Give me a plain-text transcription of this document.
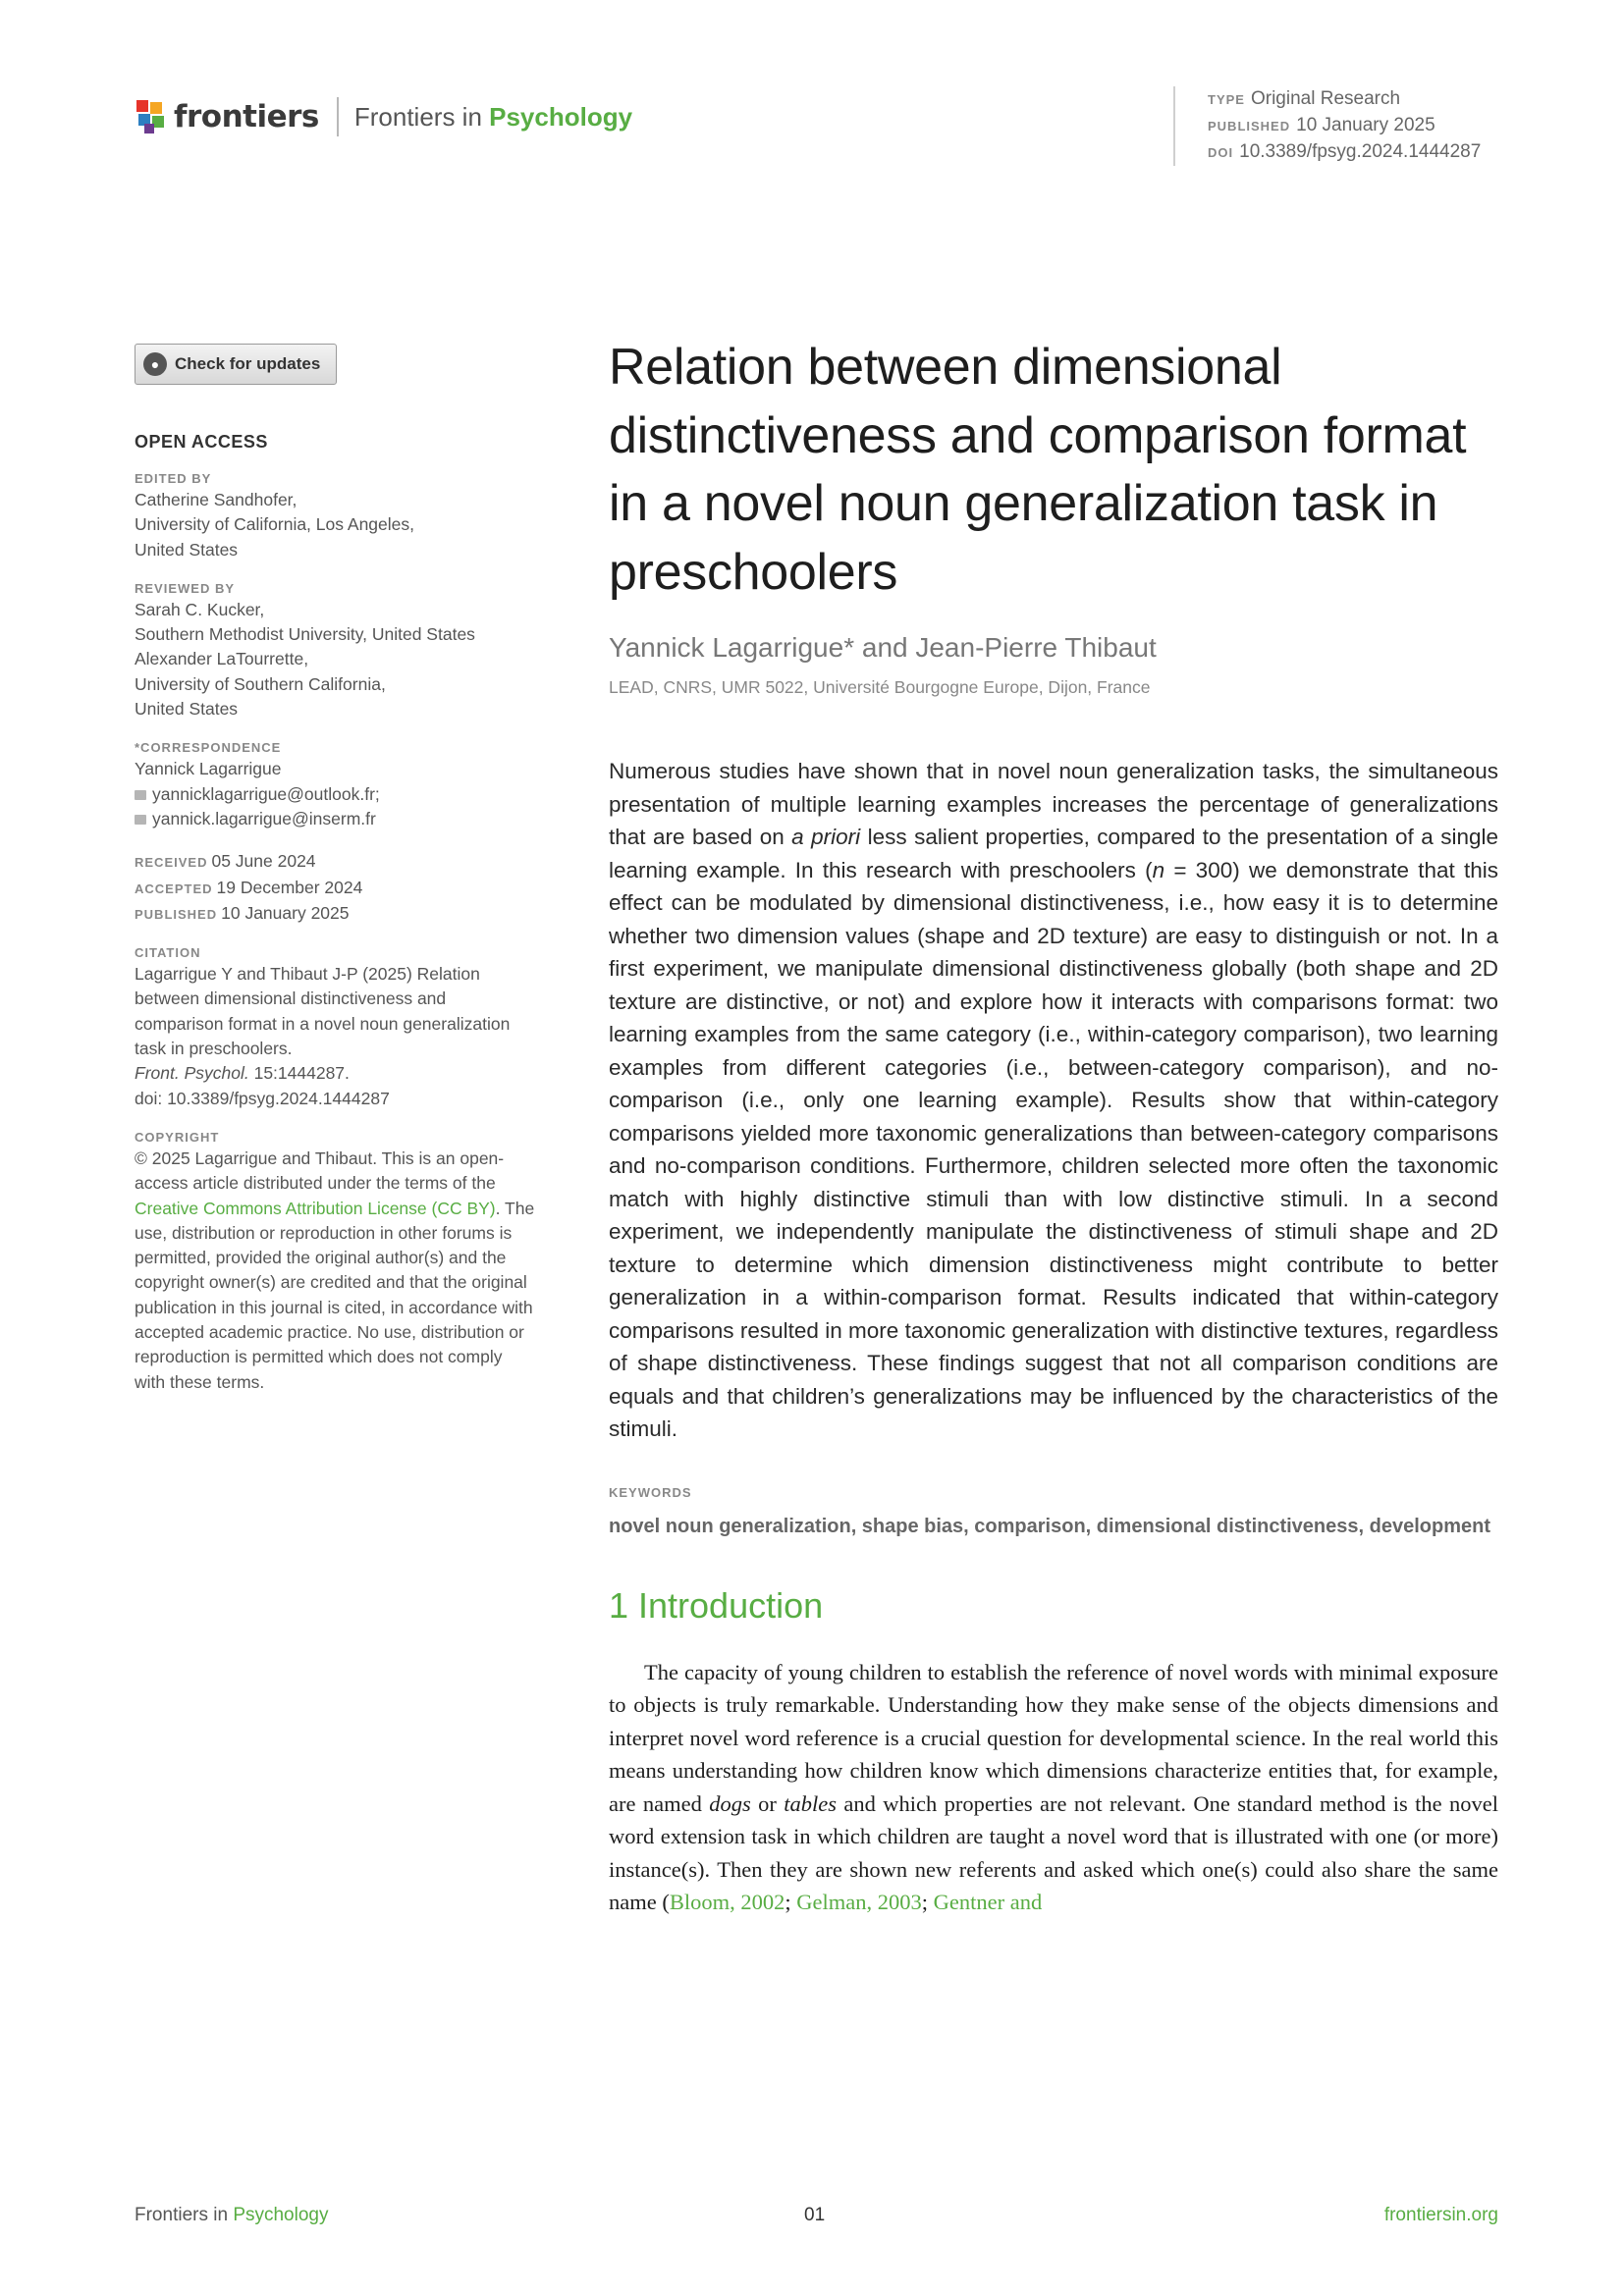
frontiers Frontiers in Psychology
TYPE Original Research
PUBLISHED 10 January 2025
DOI 10.3389/fpsyg.2024.1444287
● Check for updates
OPEN ACCESS
EDITED BY
Catherine Sandhofer,
University of California, Los Angeles,
United States
REVIEWED BY
Sarah C. Kucker,
Southern Methodist University, United States
Alexander LaTourrette,
University of Southern California,
United States
*CORRESPONDENCE
Yannick Lagarrigue
yannicklagarrigue@outlook.fr;
yannick.lagarrigue@inserm.fr
RECEIVED 05 June 2024
ACCEPTED 19 December 2024
PUBLISHED 10 January 2025
CITATION
Lagarrigue Y and Thibaut J-P (2025) Relation between dimensional distinctiveness and comparison format in a novel noun generalization task in preschoolers.
Front. Psychol. 15:1444287.
doi: 10.3389/fpsyg.2024.1444287
COPYRIGHT
© 2025 Lagarrigue and Thibaut. This is an open-access article distributed under the terms of the Creative Commons Attribution License (CC BY). The use, distribution or reproduction in other forums is permitted, provided the original author(s) and the copyright owner(s) are credited and that the original publication in this journal is cited, in accordance with accepted academic practice. No use, distribution or reproduction is permitted which does not comply with these terms.
Relation between dimensional distinctiveness and comparison format in a novel noun generalization task in preschoolers
Yannick Lagarrigue* and Jean-Pierre Thibaut
LEAD, CNRS, UMR 5022, Université Bourgogne Europe, Dijon, France
Numerous studies have shown that in novel noun generalization tasks, the simultaneous presentation of multiple learning examples increases the percentage of generalizations that are based on a priori less salient properties, compared to the presentation of a single learning example. In this research with preschoolers (n = 300) we demonstrate that this effect can be modulated by dimensional distinctiveness, i.e., how easy it is to determine whether two dimension values (shape and 2D texture) are easy to distinguish or not. In a first experiment, we manipulate dimensional distinctiveness globally (both shape and 2D texture are distinctive, or not) and explore how it interacts with comparisons format: two learning examples from the same category (i.e., within-category comparison), two learning examples from different categories (i.e., between-category comparison), and no-comparison (i.e., only one learning example). Results show that within-category comparisons yielded more taxonomic generalizations than between-category comparisons and no-comparison conditions. Furthermore, children selected more often the taxonomic match with highly distinctive stimuli than with low distinctive stimuli. In a second experiment, we independently manipulate the distinctiveness of stimuli shape and 2D texture to determine which dimension distinctiveness might contribute to better generalization in a within-comparison format. Results indicated that within-category comparisons resulted in more taxonomic generalization with distinctive textures, regardless of shape distinctiveness. These findings suggest that not all comparison conditions are equals and that children’s generalizations may be influenced by the characteristics of the stimuli.
KEYWORDS
novel noun generalization, shape bias, comparison, dimensional distinctiveness, development
1 Introduction
The capacity of young children to establish the reference of novel words with minimal exposure to objects is truly remarkable. Understanding how they make sense of the objects dimensions and interpret novel word reference is a crucial question for developmental science. In the real world this means understanding how children know which dimensions characterize entities that, for example, are named dogs or tables and which properties are not relevant. One standard method is the novel word extension task in which children are taught a novel word that is illustrated with one (or more) instance(s). Then they are shown new referents and asked which one(s) could also share the same name (Bloom, 2002; Gelman, 2003; Gentner and
Frontiers in Psychology	01	frontiersin.org
